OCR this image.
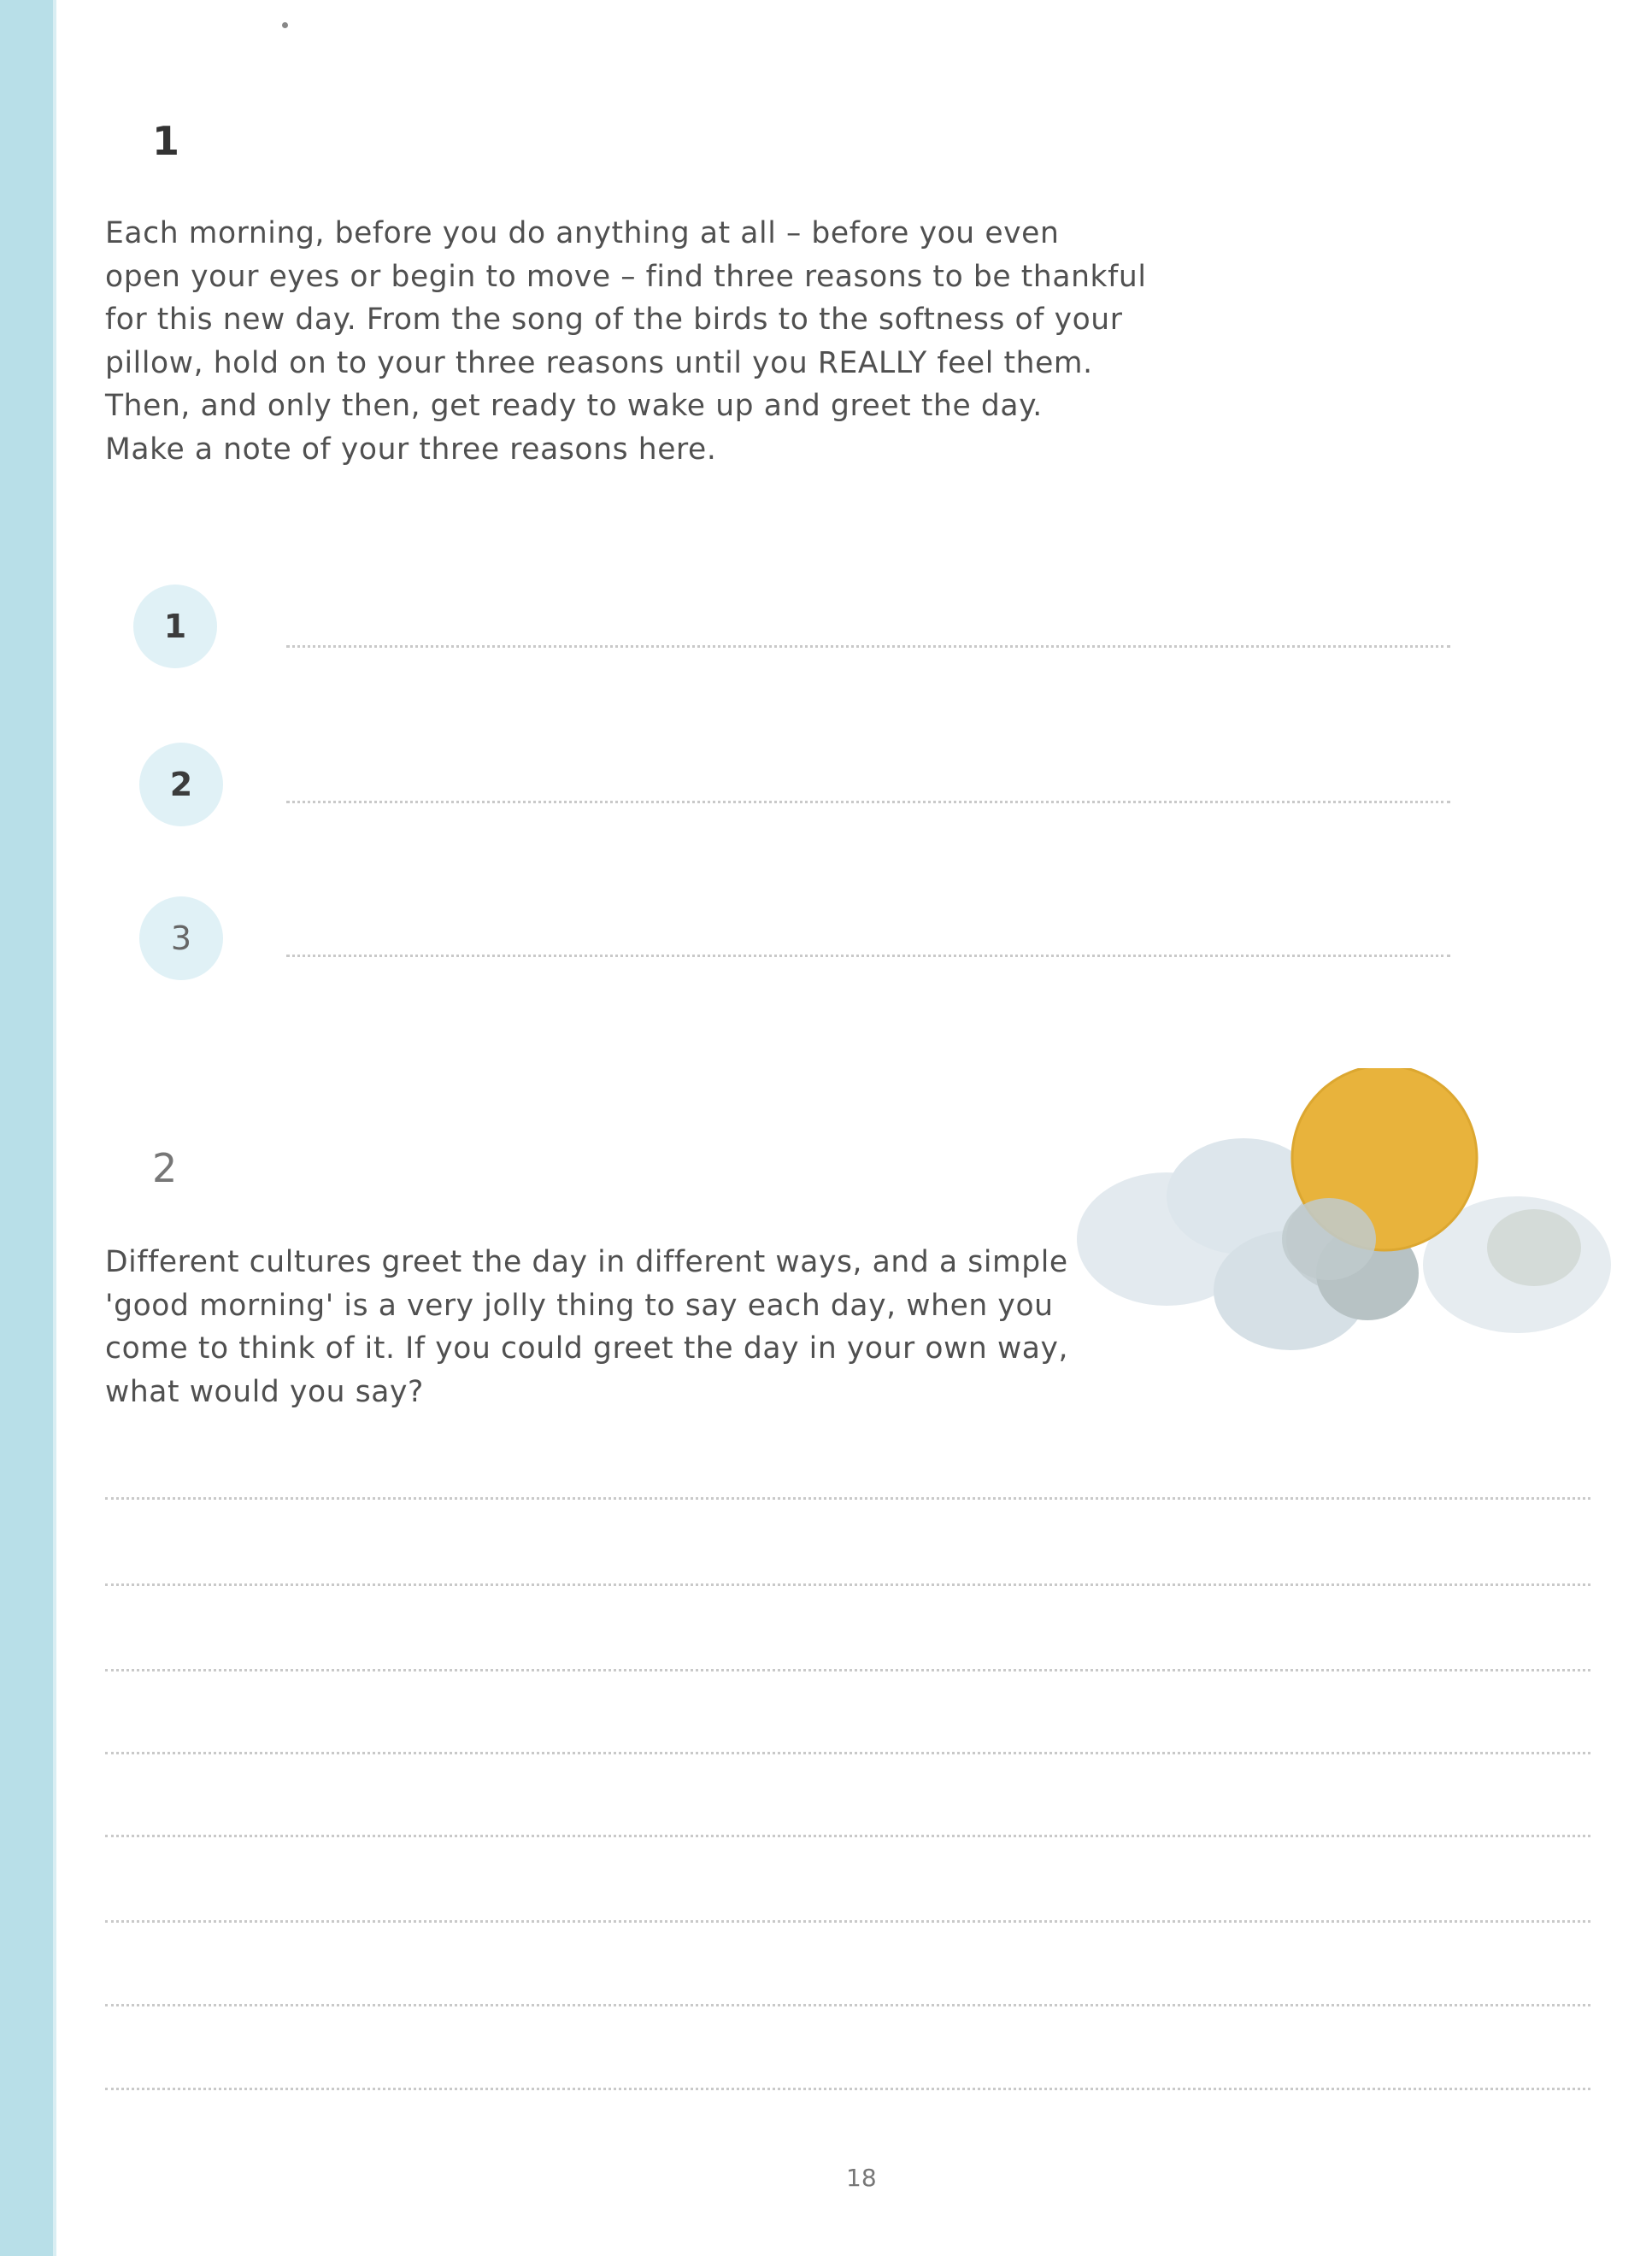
1

Each morning, before you do anything at all – before you even
open your eyes or begin to move – find three reasons to be thankful
for this new day. From the song of the birds to the softness of your
pillow, hold on to your three reasons until you REALLY feel them.
Then, and only then, get ready to wake up and greet the day.
Make a note of your three reasons here.

1
2
3
2

Different cultures greet the day in different ways, and a simple
'good morning' is a very jolly thing to say each day, when you
come to think of it. If you could greet the day in your own way,
what would you say?

18
